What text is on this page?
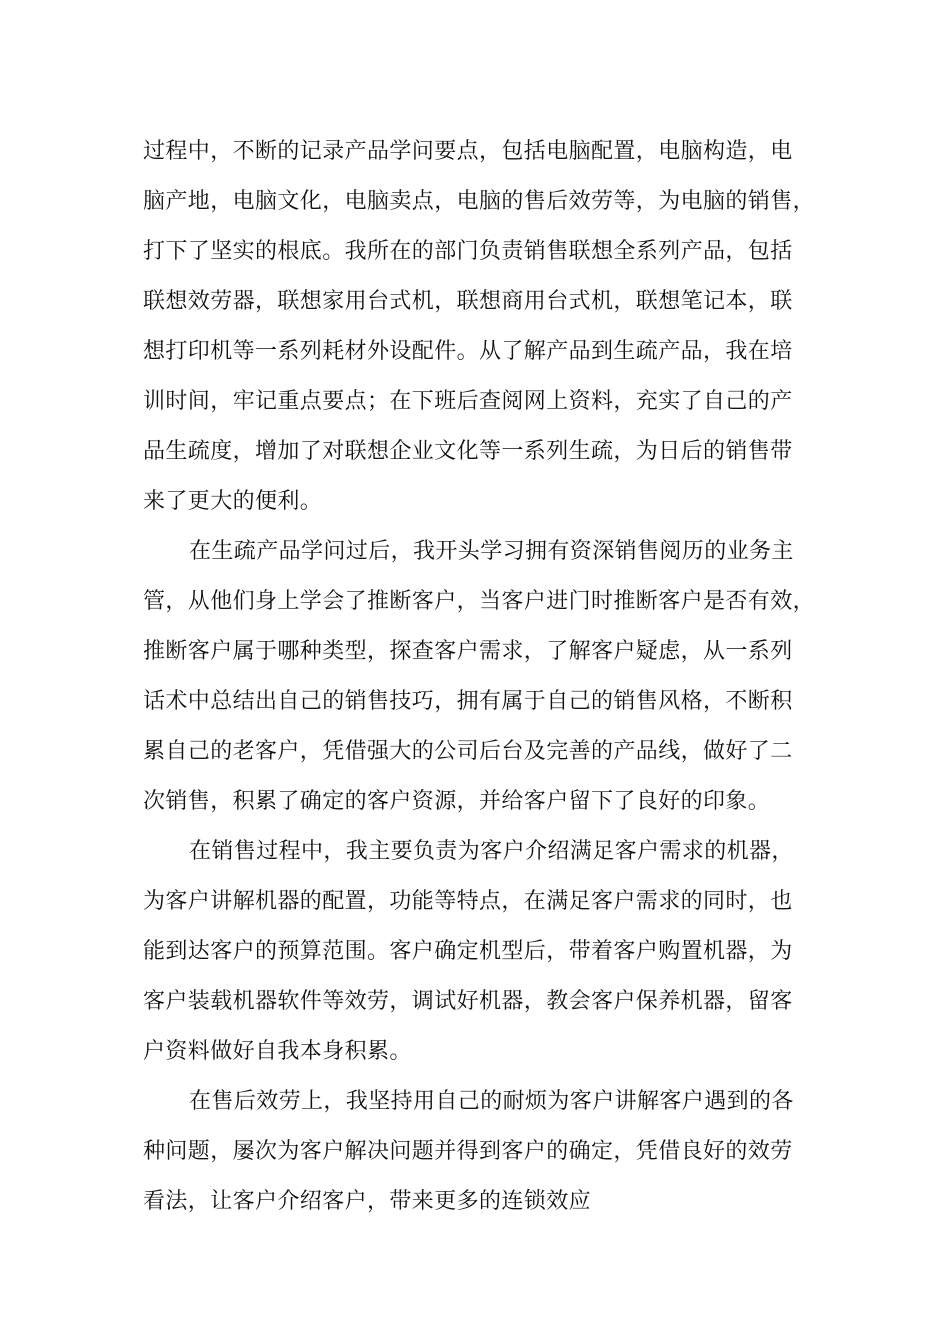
过程中，不断的记录产品学问要点，包括电脑配置，电脑构造，电
脑产地，电脑文化，电脑卖点，电脑的售后效劳等，为电脑的销售，
打下了坚实的根底。我所在的部门负责销售联想全系列产品，包括
联想效劳器，联想家用台式机，联想商用台式机，联想笔记本，联
想打印机等一系列耗材外设配件。从了解产品到生疏产品，我在培
训时间，牢记重点要点；在下班后查阅网上资料，充实了自己的产
品生疏度，增加了对联想企业文化等一系列生疏，为日后的销售带
来了更大的便利。
在生疏产品学问过后，我开头学习拥有资深销售阅历的业务主
管，从他们身上学会了推断客户，当客户进门时推断客户是否有效，
推断客户属于哪种类型，探查客户需求，了解客户疑虑，从一系列
话术中总结出自己的销售技巧，拥有属于自己的销售风格，不断积
累自己的老客户，凭借强大的公司后台及完善的产品线，做好了二
次销售，积累了确定的客户资源，并给客户留下了良好的印象。
在销售过程中，我主要负责为客户介绍满足客户需求的机器，
为客户讲解机器的配置，功能等特点，在满足客户需求的同时，也
能到达客户的预算范围。客户确定机型后，带着客户购置机器，为
客户装载机器软件等效劳，调试好机器，教会客户保养机器，留客
户资料做好自我本身积累。
在售后效劳上，我坚持用自己的耐烦为客户讲解客户遇到的各
种问题，屡次为客户解决问题并得到客户的确定，凭借良好的效劳
看法，让客户介绍客户，带来更多的连锁效应
